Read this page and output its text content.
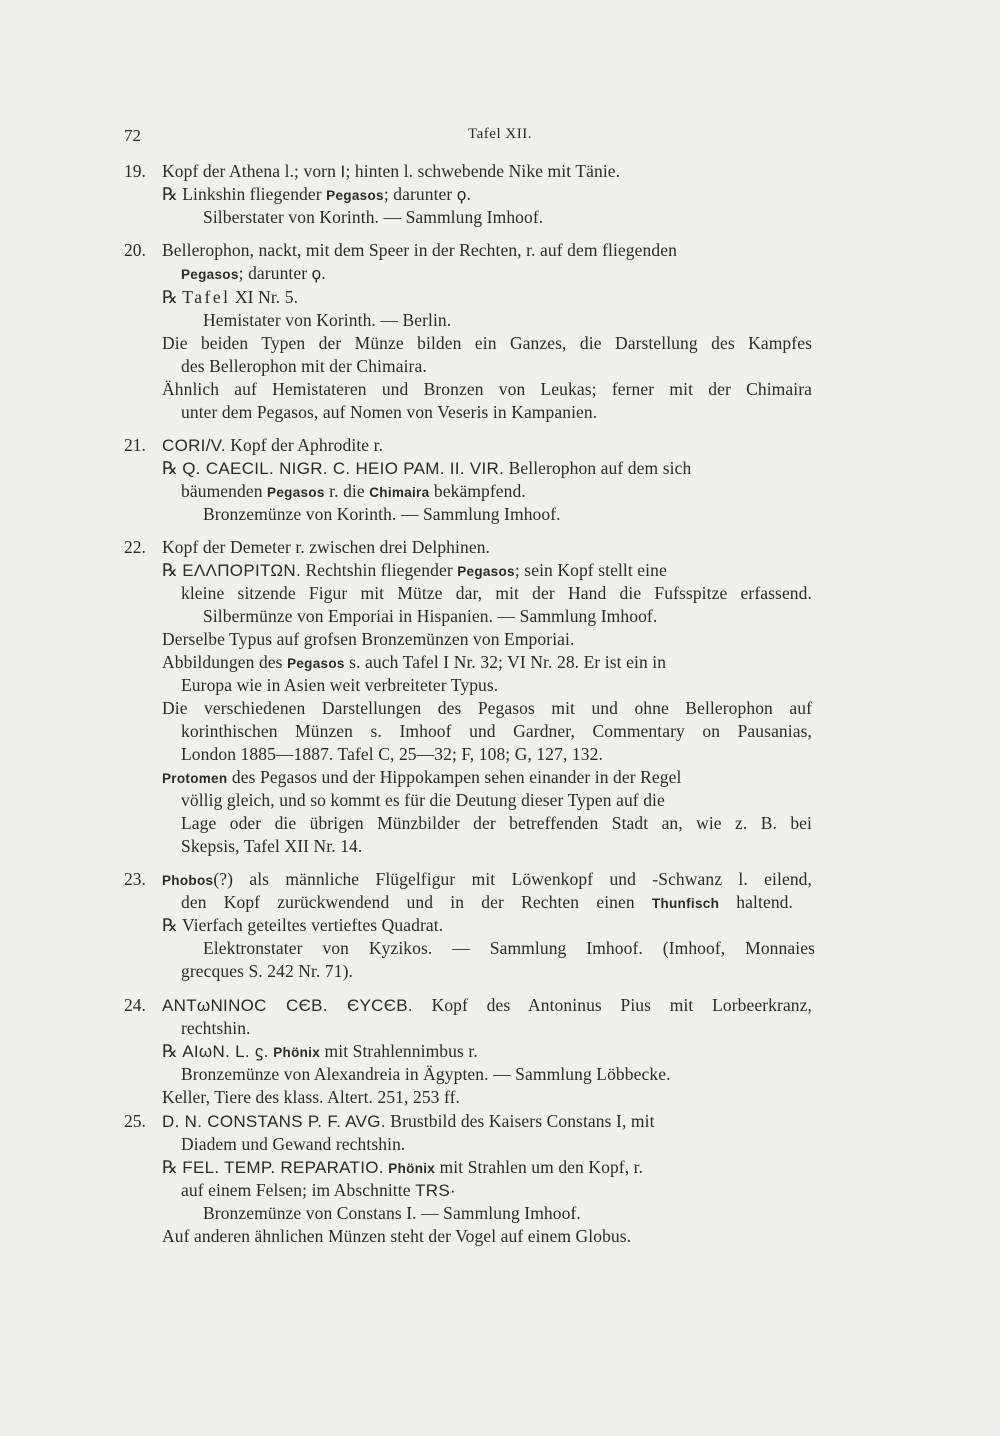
72	Tafel XII.
19. Kopf der Athena l.; vorn I; hinten l. schwebende Nike mit Tänie.
℞ Linkshin fliegender Pegasos; darunter ϙ.
Silberstater von Korinth. — Sammlung Imhoof.
20. Bellerophon, nackt, mit dem Speer in der Rechten, r. auf dem fliegenden
Pegasos; darunter ϙ.
℞ Tafel XI Nr. 5.
Hemistater von Korinth. — Berlin.
Die beiden Typen der Münze bilden ein Ganzes, die Darstellung des Kampfes
des Bellerophon mit der Chimaira.
Ähnlich auf Hemistateren und Bronzen von Leukas; ferner mit der Chimaira
unter dem Pegasos, auf Nomen von Veseris in Kampanien.
21. CORI/V. Kopf der Aphrodite r.
℞ Q. CAECIL. NIGR. C. HEIO PAM. II. VIR. Bellerophon auf dem sich
bäumenden Pegasos r. die Chimaira bekämpfend.
Bronzemünze von Korinth. — Sammlung Imhoof.
22. Kopf der Demeter r. zwischen drei Delphinen.
℞ ΕΛΛΠΟΡΙΤΩΝ. Rechtshin fliegender Pegasos; sein Kopf stellt eine
kleine sitzende Figur mit Mütze dar, mit der Hand die Fufsspitze erfassend.
Silbermünze von Emporiai in Hispanien. — Sammlung Imhoof.
Derselbe Typus auf grofsen Bronzemünzen von Emporiai.
Abbildungen des Pegasos s. auch Tafel I Nr. 32; VI Nr. 28. Er ist ein in
Europa wie in Asien weit verbreiteter Typus.
Die verschiedenen Darstellungen des Pegasos mit und ohne Bellerophon auf
korinthischen Münzen s. Imhoof und Gardner, Commentary on Pausanias,
London 1885—1887. Tafel C, 25—32; F, 108; G, 127, 132.
Protomen des Pegasos und der Hippokampen sehen einander in der Regel
völlig gleich, und so kommt es für die Deutung dieser Typen auf die
Lage oder die übrigen Münzbilder der betreffenden Stadt an, wie z. B. bei
Skepsis, Tafel XII Nr. 14.
23. Phobos(?) als männliche Flügelfigur mit Löwenkopf und -Schwanz l. eilend,
den Kopf zurückwendend und in der Rechten einen Thunfisch haltend.
℞ Vierfach geteiltes vertieftes Quadrat.
Elektronstater von Kyzikos. — Sammlung Imhoof. (Imhoof, Monnaies
grecques S. 242 Nr. 71).
24. ΑΝΤωΝΙΝΟC CЄΒ. ЄΥCЄΒ. Kopf des Antoninus Pius mit Lorbeerkranz,
rechtshin.
℞ ΑΙωΝ. L. ϛ. Phönix mit Strahlennimbus r.
Bronzemünze von Alexandreia in Ägypten. — Sammlung Löbbecke.
Keller, Tiere des klass. Altert. 251, 253 ff.
25. D. N. CONSTANS P. F. AVG. Brustbild des Kaisers Constans I, mit
Diadem und Gewand rechtshin.
℞ FEL. TEMP. REPARATIO. Phönix mit Strahlen um den Kopf, r.
auf einem Felsen; im Abschnitte TRS·
Bronzemünze von Constans I. — Sammlung Imhoof.
Auf anderen ähnlichen Münzen steht der Vogel auf einem Globus.
